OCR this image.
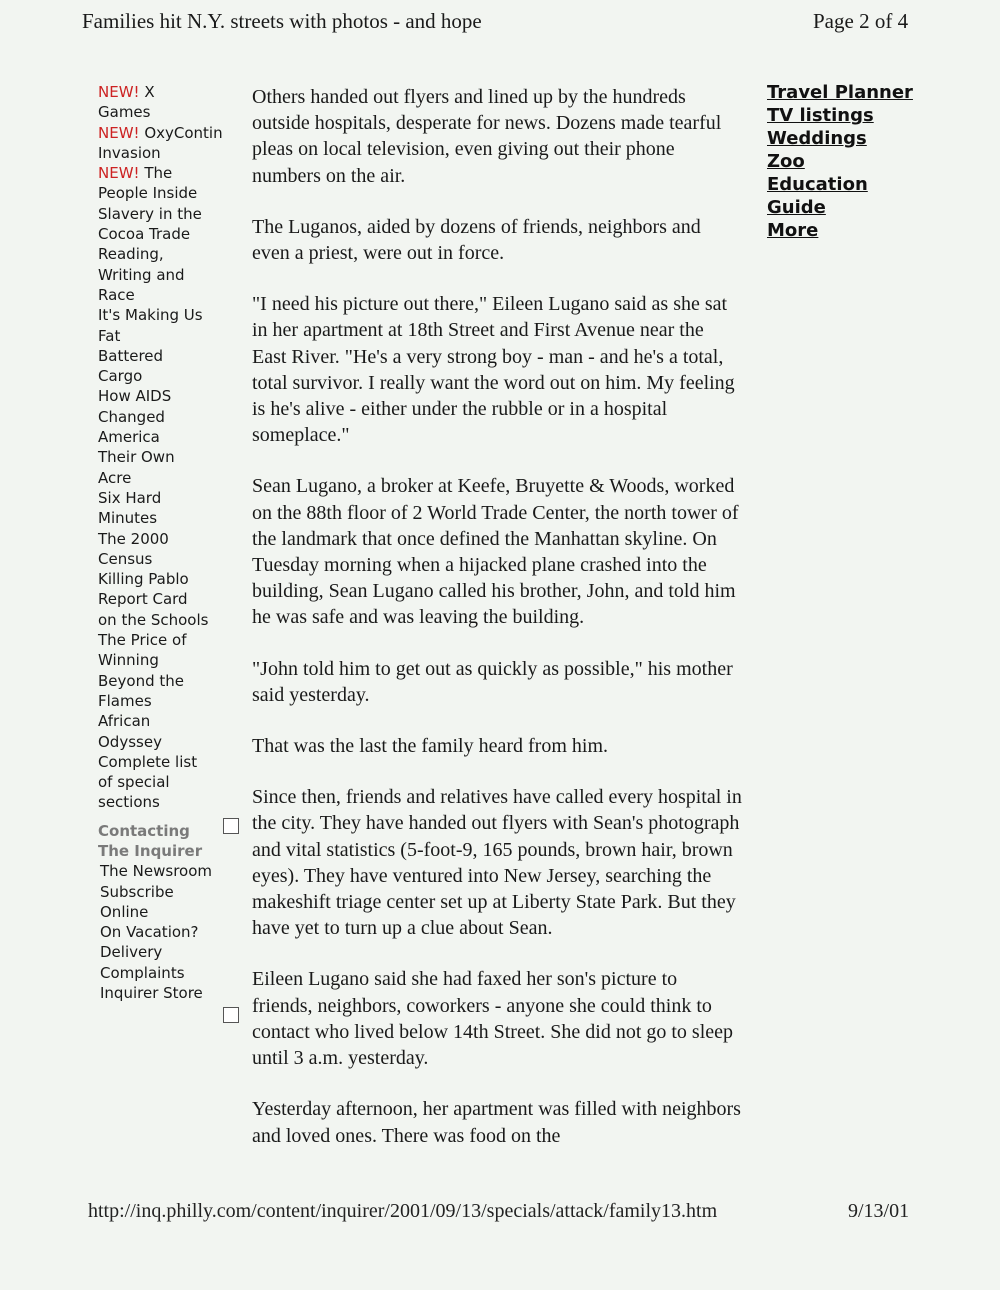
Families hit N.Y. streets with photos - and hope	Page 2 of 4
NEW! X
Games
NEW! OxyContin
Invasion
NEW! The
People Inside
Slavery in the
Cocoa Trade
Reading,
Writing and
Race
It's Making Us
Fat
Battered
Cargo
How AIDS
Changed
America
Their Own
Acre
Six Hard
Minutes
The 2000
Census
Killing Pablo
Report Card
on the Schools
The Price of
Winning
Beyond the
Flames
African
Odyssey
Complete list
of special
sections
Contacting
The Inquirer
The Newsroom
Subscribe
Online
On Vacation?
Delivery
Complaints
Inquirer Store

Others handed out flyers and lined up by the hundreds outside hospitals, desperate for news. Dozens made tearful pleas on local television, even giving out their phone numbers on the air.

The Luganos, aided by dozens of friends, neighbors and even a priest, were out in force.

"I need his picture out there," Eileen Lugano said as she sat in her apartment at 18th Street and First Avenue near the East River. "He's a very strong boy - man - and he's a total, total survivor. I really want the word out on him. My feeling is he's alive - either under the rubble or in a hospital someplace."

Sean Lugano, a broker at Keefe, Bruyette & Woods, worked on the 88th floor of 2 World Trade Center, the north tower of the landmark that once defined the Manhattan skyline. On Tuesday morning when a hijacked plane crashed into the building, Sean Lugano called his brother, John, and told him he was safe and was leaving the building.

"John told him to get out as quickly as possible," his mother said yesterday.

That was the last the family heard from him.

Since then, friends and relatives have called every hospital in the city. They have handed out flyers with Sean's photograph and vital statistics (5-foot-9, 165 pounds, brown hair, brown eyes). They have ventured into New Jersey, searching the makeshift triage center set up at Liberty State Park. But they have yet to turn up a clue about Sean.

Eileen Lugano said she had faxed her son's picture to friends, neighbors, coworkers - anyone she could think to contact who lived below 14th Street. She did not go to sleep until 3 a.m. yesterday.

Yesterday afternoon, her apartment was filled with neighbors and loved ones. There was food on the

Travel Planner
TV listings
Weddings
Zoo
Education
Guide
More
http://inq.philly.com/content/inquirer/2001/09/13/specials/attack/family13.htm	9/13/01
